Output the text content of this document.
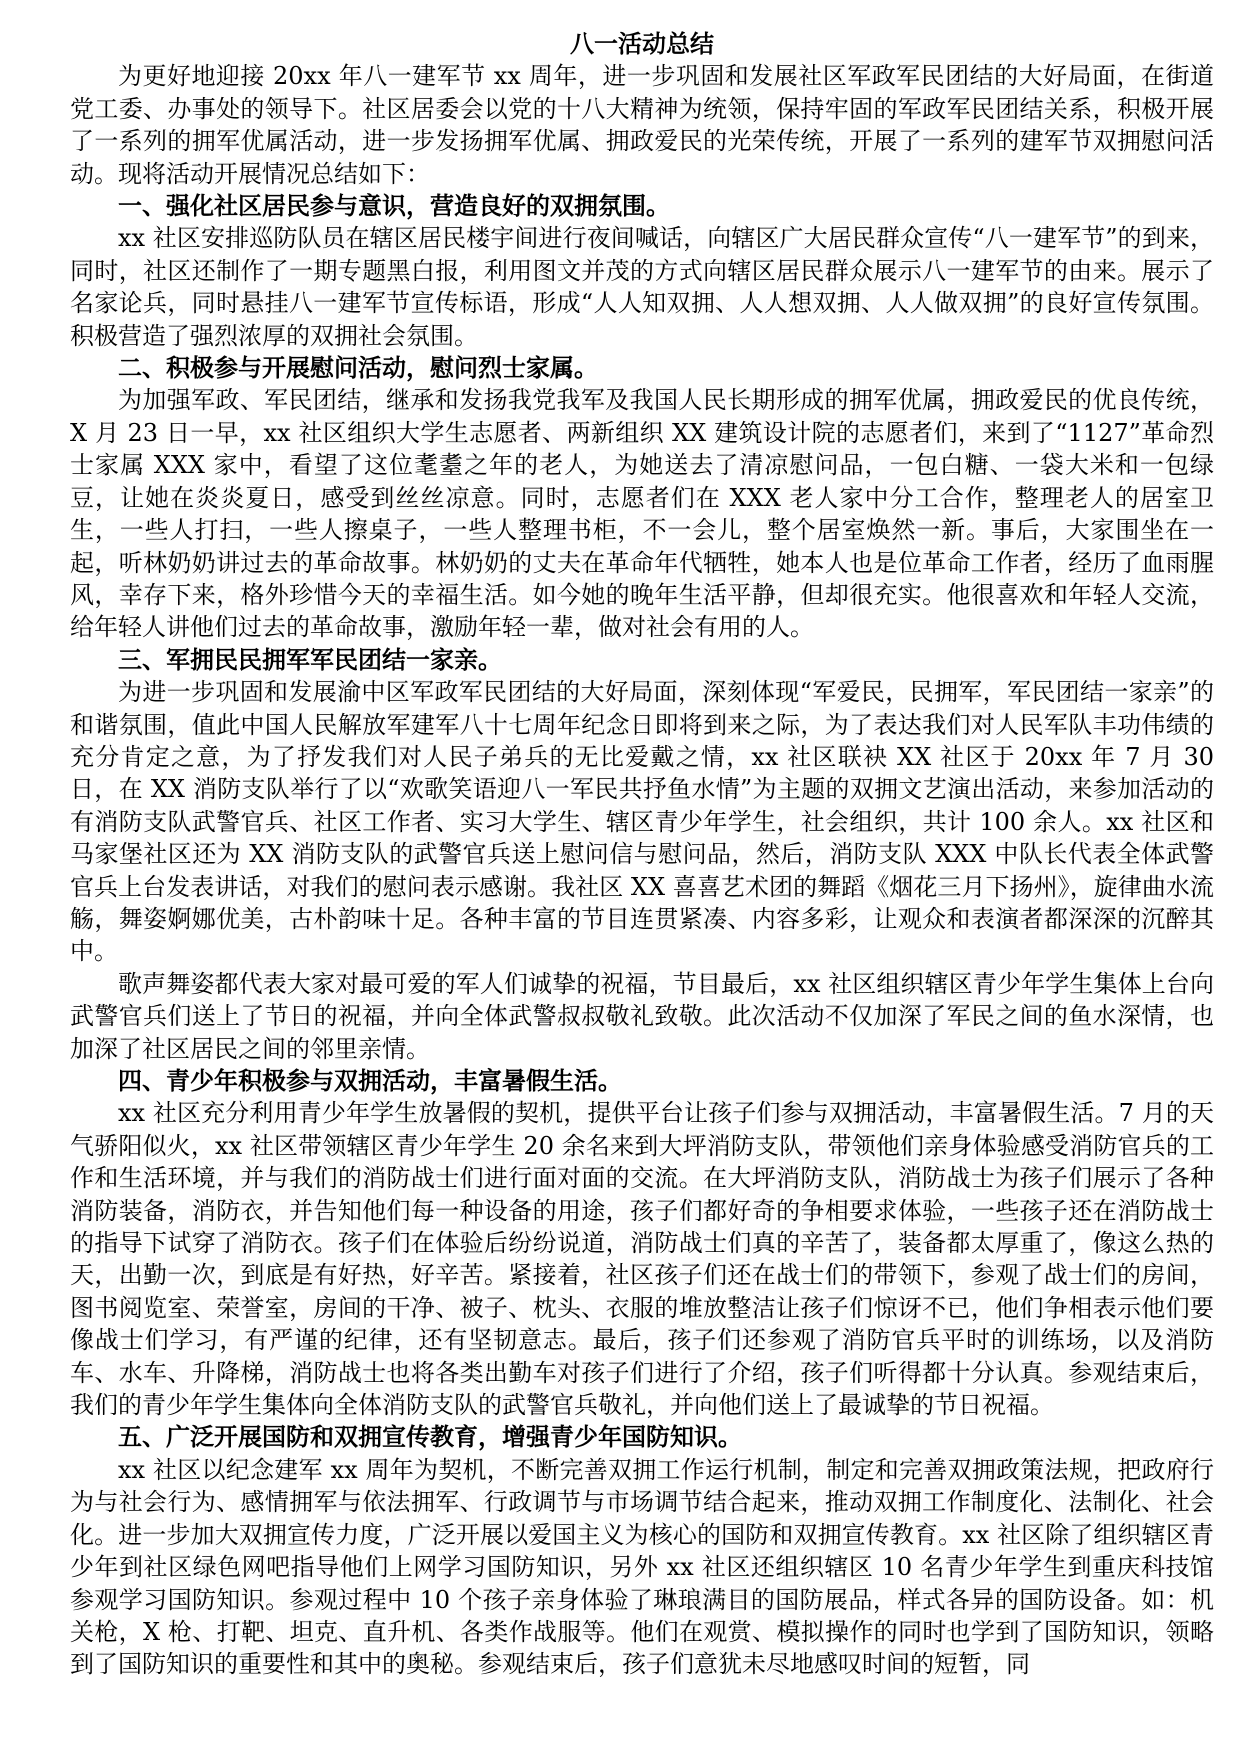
八一活动总结

为更好地迎接 20xx 年八一建军节 xx 周年，进一步巩固和发展社区军政军民团结的大好局面，在街道党工委、办事处的领导下。社区居委会以党的十八大精神为统领，保持牢固的军政军民团结关系，积极开展了一系列的拥军优属活动，进一步发扬拥军优属、拥政爱民的光荣传统，开展了一系列的建军节双拥慰问活动。现将活动开展情况总结如下：

一、强化社区居民参与意识，营造良好的双拥氛围。

xx 社区安排巡防队员在辖区居民楼宇间进行夜间喊话，向辖区广大居民群众宣传“八一建军节”的到来，同时，社区还制作了一期专题黑白报，利用图文并茂的方式向辖区居民群众展示八一建军节的由来。展示了名家论兵，同时悬挂八一建军节宣传标语，形成“人人知双拥、人人想双拥、人人做双拥”的良好宣传氛围。积极营造了强烈浓厚的双拥社会氛围。

二、积极参与开展慰问活动，慰问烈士家属。

为加强军政、军民团结，继承和发扬我党我军及我国人民长期形成的拥军优属，拥政爱民的优良传统，X 月 23 日一早，xx 社区组织大学生志愿者、两新组织 XX 建筑设计院的志愿者们，来到了“1127”革命烈士家属 XXX 家中，看望了这位耄耋之年的老人，为她送去了清凉慰问品，一包白糖、一袋大米和一包绿豆，让她在炎炎夏日，感受到丝丝凉意。同时，志愿者们在 XXX 老人家中分工合作，整理老人的居室卫生，一些人打扫，一些人擦桌子，一些人整理书柜，不一会儿，整个居室焕然一新。事后，大家围坐在一起，听林奶奶讲过去的革命故事。林奶奶的丈夫在革命年代牺牲，她本人也是位革命工作者，经历了血雨腥风，幸存下来，格外珍惜今天的幸福生活。如今她的晚年生活平静，但却很充实。他很喜欢和年轻人交流，给年轻人讲他们过去的革命故事，激励年轻一辈，做对社会有用的人。

三、军拥民民拥军军民团结一家亲。

为进一步巩固和发展渝中区军政军民团结的大好局面，深刻体现“军爱民，民拥军，军民团结一家亲”的和谐氛围，值此中国人民解放军建军八十七周年纪念日即将到来之际，为了表达我们对人民军队丰功伟绩的充分肯定之意，为了抒发我们对人民子弟兵的无比爱戴之情，xx 社区联袂 XX 社区于 20xx 年 7 月 30 日，在 XX 消防支队举行了以“欢歌笑语迎八一军民共抒鱼水情”为主题的双拥文艺演出活动，来参加活动的有消防支队武警官兵、社区工作者、实习大学生、辖区青少年学生，社会组织，共计 100 余人。xx 社区和马家堡社区还为 XX 消防支队的武警官兵送上慰问信与慰问品，然后，消防支队 XXX 中队长代表全体武警官兵上台发表讲话，对我们的慰问表示感谢。我社区 XX 喜喜艺术团的舞蹈《烟花三月下扬州》，旋律曲水流觞，舞姿婀娜优美，古朴韵味十足。各种丰富的节目连贯紧凑、内容多彩，让观众和表演者都深深的沉醉其中。

歌声舞姿都代表大家对最可爱的军人们诚挚的祝福，节目最后，xx 社区组织辖区青少年学生集体上台向武警官兵们送上了节日的祝福，并向全体武警叔叔敬礼致敬。此次活动不仅加深了军民之间的鱼水深情，也加深了社区居民之间的邻里亲情。

四、青少年积极参与双拥活动，丰富暑假生活。

xx 社区充分利用青少年学生放暑假的契机，提供平台让孩子们参与双拥活动，丰富暑假生活。7 月的天气骄阳似火，xx 社区带领辖区青少年学生 20 余名来到大坪消防支队，带领他们亲身体验感受消防官兵的工作和生活环境，并与我们的消防战士们进行面对面的交流。在大坪消防支队，消防战士为孩子们展示了各种消防装备，消防衣，并告知他们每一种设备的用途，孩子们都好奇的争相要求体验，一些孩子还在消防战士的指导下试穿了消防衣。孩子们在体验后纷纷说道，消防战士们真的辛苦了，装备都太厚重了，像这么热的天，出勤一次，到底是有好热，好辛苦。紧接着，社区孩子们还在战士们的带领下，参观了战士们的房间，图书阅览室、荣誉室，房间的干净、被子、枕头、衣服的堆放整洁让孩子们惊讶不已，他们争相表示他们要像战士们学习，有严谨的纪律，还有坚韧意志。最后，孩子们还参观了消防官兵平时的训练场，以及消防车、水车、升降梯，消防战士也将各类出勤车对孩子们进行了介绍，孩子们听得都十分认真。参观结束后，我们的青少年学生集体向全体消防支队的武警官兵敬礼，并向他们送上了最诚挚的节日祝福。

五、广泛开展国防和双拥宣传教育，增强青少年国防知识。

xx 社区以纪念建军 xx 周年为契机，不断完善双拥工作运行机制，制定和完善双拥政策法规，把政府行为与社会行为、感情拥军与依法拥军、行政调节与市场调节结合起来，推动双拥工作制度化、法制化、社会化。进一步加大双拥宣传力度，广泛开展以爱国主义为核心的国防和双拥宣传教育。xx 社区除了组织辖区青少年到社区绿色网吧指导他们上网学习国防知识，另外 xx 社区还组织辖区 10 名青少年学生到重庆科技馆参观学习国防知识。参观过程中 10 个孩子亲身体验了琳琅满目的国防展品，样式各异的国防设备。如：机关枪，X 枪、打靶、坦克、直升机、各类作战服等。他们在观赏、模拟操作的同时也学到了国防知识，领略到了国防知识的重要性和其中的奥秘。参观结束后，孩子们意犹未尽地感叹时间的短暂，同
